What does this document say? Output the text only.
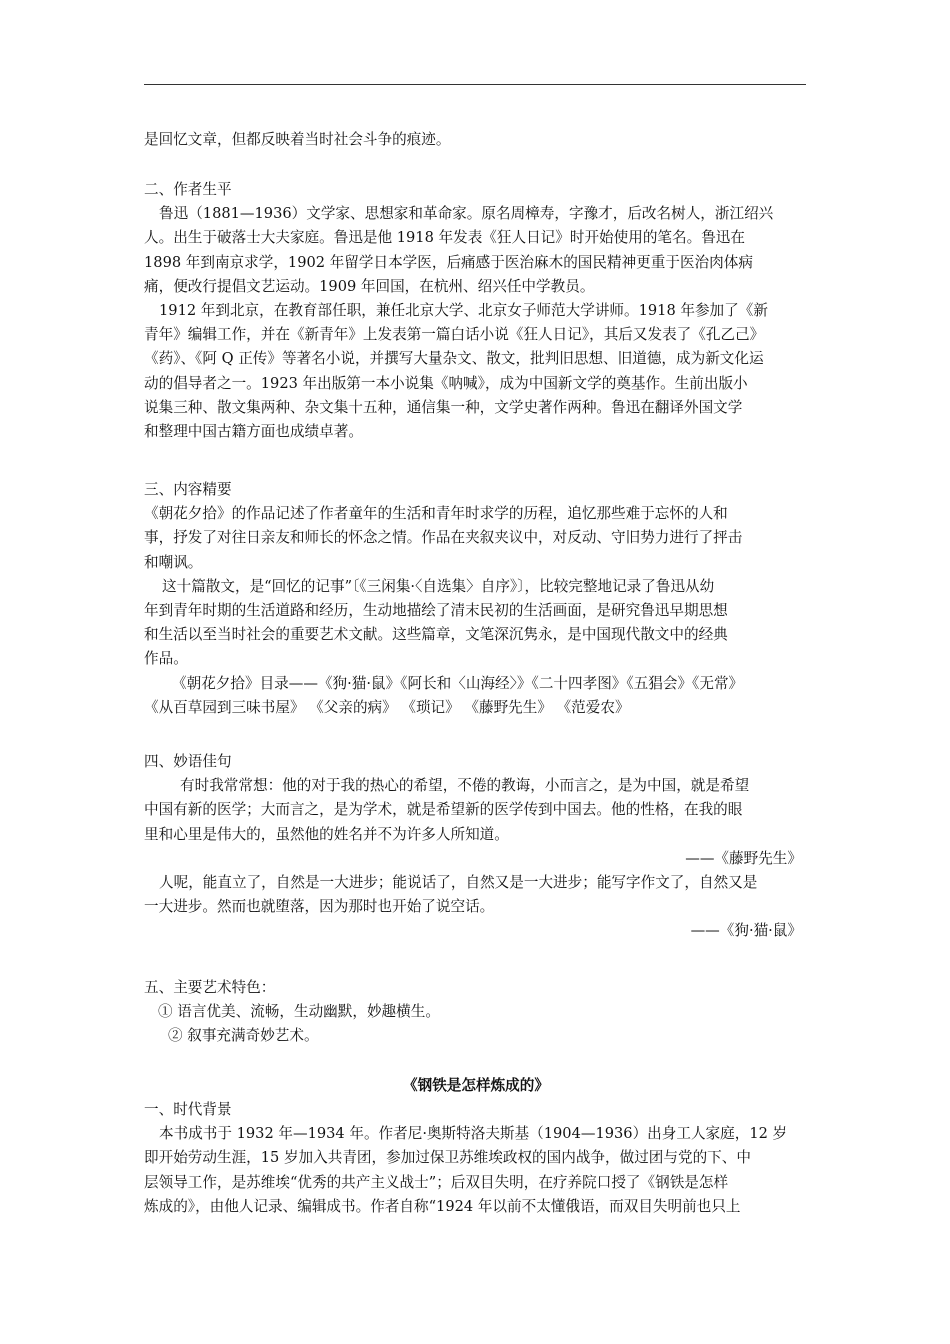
是回忆文章，但都反映着当时社会斗争的痕迹。
二、作者生平
鲁迅（1881—1936）文学家、思想家和革命家。原名周樟寿，字豫才，后改名树人，浙江绍兴
人。出生于破落士大夫家庭。鲁迅是他 1918 年发表《狂人日记》时开始使用的笔名。鲁迅在
1898 年到南京求学，1902 年留学日本学医，后痛感于医治麻木的国民精神更重于医治肉体病
痛，便改行提倡文艺运动。1909 年回国，在杭州、绍兴任中学教员。
1912 年到北京，在教育部任职，兼任北京大学、北京女子师范大学讲师。1918 年参加了《新
青年》编辑工作，并在《新青年》上发表第一篇白话小说《狂人日记》，其后又发表了《孔乙己》
《药》、《阿 Q 正传》等著名小说，并撰写大量杂文、散文，批判旧思想、旧道德，成为新文化运
动的倡导者之一。1923 年出版第一本小说集《呐喊》，成为中国新文学的奠基作。生前出版小
说集三种、散文集两种、杂文集十五种，通信集一种，文学史著作两种。鲁迅在翻译外国文学
和整理中国古籍方面也成绩卓著。
三、内容精要
《朝花夕拾》的作品记述了作者童年的生活和青年时求学的历程，追忆那些难于忘怀的人和
事，抒发了对往日亲友和师长的怀念之情。作品在夹叙夹议中，对反动、守旧势力进行了抨击
和嘲讽。
这十篇散文，是“回忆的记事”〔《三闲集·〈自选集〉自序》〕，比较完整地记录了鲁迅从幼
年到青年时期的生活道路和经历，生动地描绘了清末民初的生活画面，是研究鲁迅早期思想
和生活以至当时社会的重要艺术文献。这些篇章，文笔深沉隽永，是中国现代散文中的经典
作品。
《朝花夕拾》目录——《狗·猫·鼠》《阿长和〈山海经〉》《二十四孝图》《五猖会》《无常》
《从百草园到三味书屋》 《父亲的病》 《琐记》 《藤野先生》 《范爱农》
四、妙语佳句
有时我常常想：他的对于我的热心的希望，不倦的教诲，小而言之，是为中国，就是希望
中国有新的医学；大而言之，是为学术，就是希望新的医学传到中国去。他的性格，在我的眼
里和心里是伟大的，虽然他的姓名并不为许多人所知道。
——《藤野先生》
人呢，能直立了，自然是一大进步；能说话了，自然又是一大进步；能写字作文了，自然又是
一大进步。然而也就堕落，因为那时也开始了说空话。
——《狗·猫·鼠》
五、主要艺术特色：
① 语言优美、流畅，生动幽默，妙趣横生。
② 叙事充满奇妙艺术。
《钢铁是怎样炼成的》
一、时代背景
本书成书于 1932 年—1934 年。作者尼·奥斯特洛夫斯基（1904—1936）出身工人家庭，12 岁
即开始劳动生涯，15 岁加入共青团，参加过保卫苏维埃政权的国内战争，做过团与党的下、中
层领导工作，是苏维埃“优秀的共产主义战士”；后双目失明，在疗养院口授了《钢铁是怎样
炼成的》，由他人记录、编辑成书。作者自称“1924 年以前不太懂俄语，而双目失明前也只上
